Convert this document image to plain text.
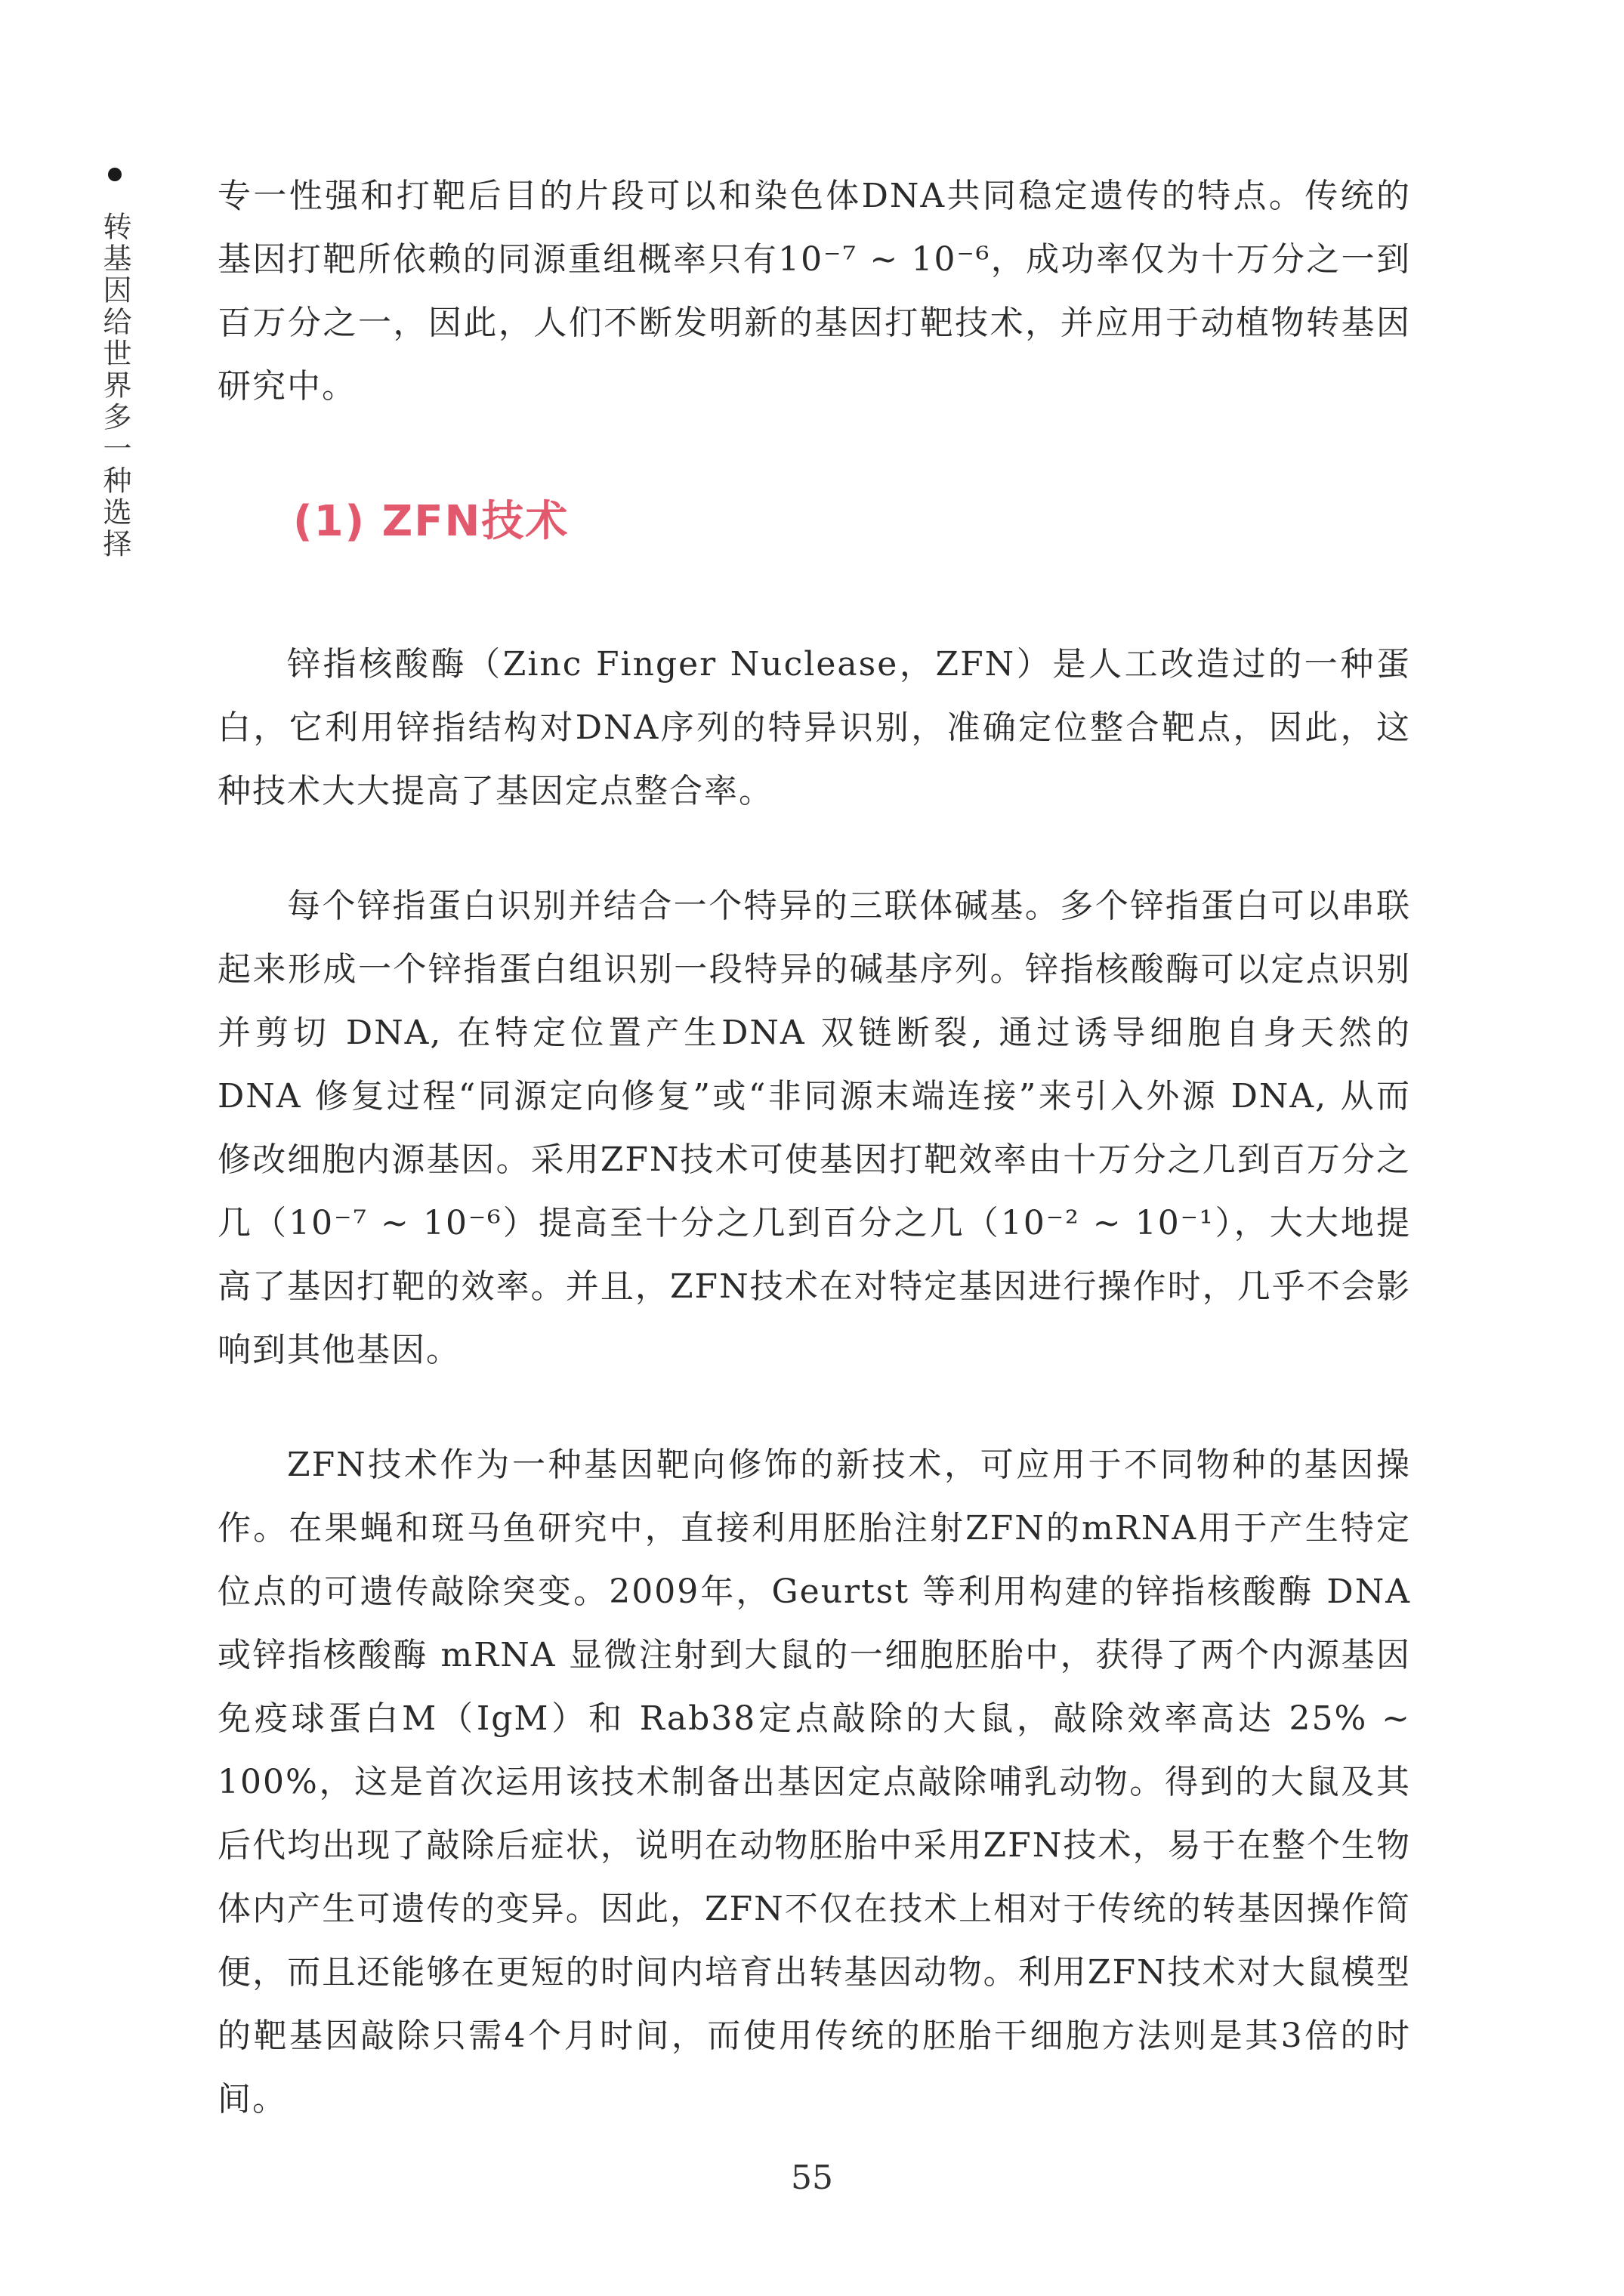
转基因给世界多一种选择

专一性强和打靶后目的片段可以和染色体DNA共同稳定遗传的特点。传统的基因打靶所依赖的同源重组概率只有10⁻⁷ ~ 10⁻⁶，成功率仅为十万分之一到百万分之一，因此，人们不断发明新的基因打靶技术，并应用于动植物转基因研究中。

(1) ZFN技术

锌指核酸酶（Zinc Finger Nuclease，ZFN）是人工改造过的一种蛋白，它利用锌指结构对DNA序列的特异识别，准确定位整合靶点，因此，这种技术大大提高了基因定点整合率。

每个锌指蛋白识别并结合一个特异的三联体碱基。多个锌指蛋白可以串联起来形成一个锌指蛋白组识别一段特异的碱基序列。锌指核酸酶可以定点识别并剪切 DNA, 在特定位置产生DNA 双链断裂, 通过诱导细胞自身天然的 DNA 修复过程“同源定向修复”或“非同源末端连接”来引入外源 DNA, 从而修改细胞内源基因。采用ZFN技术可使基因打靶效率由十万分之几到百万分之几（10⁻⁷ ~ 10⁻⁶）提高至十分之几到百分之几（10⁻² ~ 10⁻¹），大大地提高了基因打靶的效率。并且，ZFN技术在对特定基因进行操作时，几乎不会影响到其他基因。

ZFN技术作为一种基因靶向修饰的新技术，可应用于不同物种的基因操作。在果蝇和斑马鱼研究中，直接利用胚胎注射ZFN的mRNA用于产生特定位点的可遗传敲除突变。2009年，Geurtst 等利用构建的锌指核酸酶 DNA 或锌指核酸酶 mRNA 显微注射到大鼠的一细胞胚胎中，获得了两个内源基因免疫球蛋白M（IgM）和 Rab38定点敲除的大鼠，敲除效率高达 25% ~ 100%，这是首次运用该技术制备出基因定点敲除哺乳动物。得到的大鼠及其后代均出现了敲除后症状，说明在动物胚胎中采用ZFN技术，易于在整个生物体内产生可遗传的变异。因此，ZFN不仅在技术上相对于传统的转基因操作简便，而且还能够在更短的时间内培育出转基因动物。利用ZFN技术对大鼠模型的靶基因敲除只需4个月时间，而使用传统的胚胎干细胞方法则是其3倍的时间。

55
